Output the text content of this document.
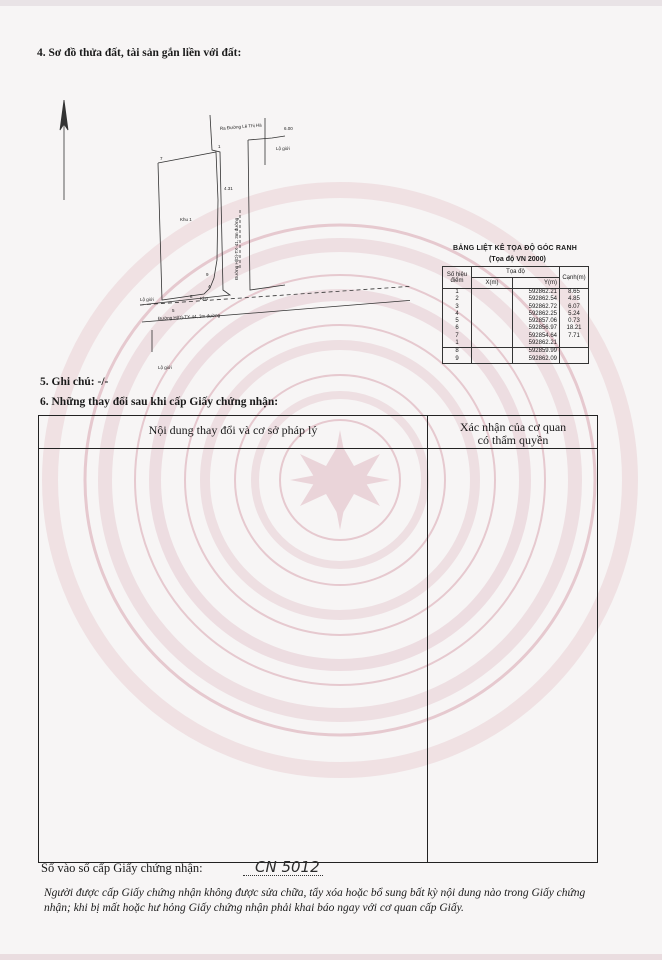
4. Sơ đồ thửa đất, tài sản gắn liền với đất:
7
1
9
8
5
4
Khu 1
Khu
Lộ giới
Lộ giới
Lộ giới
4.31
6.00
Ra Đường Lê Thị Hà
Đường H(D)-TX-41, 3m đường
Đường H(D)-TX-44, 3m đường
BẢNG LIỆT KÊ TỌA ĐỘ GÓC RANH
(Tọa độ VN 2000)
Số hiệu điểm	Tọa độ		Cạnh(m)
	X(m)	Y(m)	
1		592862.21	8.65
2		592862.54	4.85
3		592862.72	6.07
4		592862.25	5.24
5		592857.06	0.73
6		592856.97	18.21
7		592854.64	7.71
1		592862.21	
8		592859.99	
9		592862.09	
5. Ghi chú: -/-
6. Những thay đổi sau khi cấp Giấy chứng nhận:
Nội dung thay đổi và cơ sở pháp lý	Xác nhận của cơ quan
có thẩm quyền
Số vào sổ cấp Giấy chứng nhận:	CN 5012
Người được cấp Giấy chứng nhận không được sửa chữa, tẩy xóa hoặc bổ sung bất kỳ nội dung nào trong Giấy chứng nhận; khi bị mất hoặc hư hỏng Giấy chứng nhận phải khai báo ngay với cơ quan cấp Giấy.
